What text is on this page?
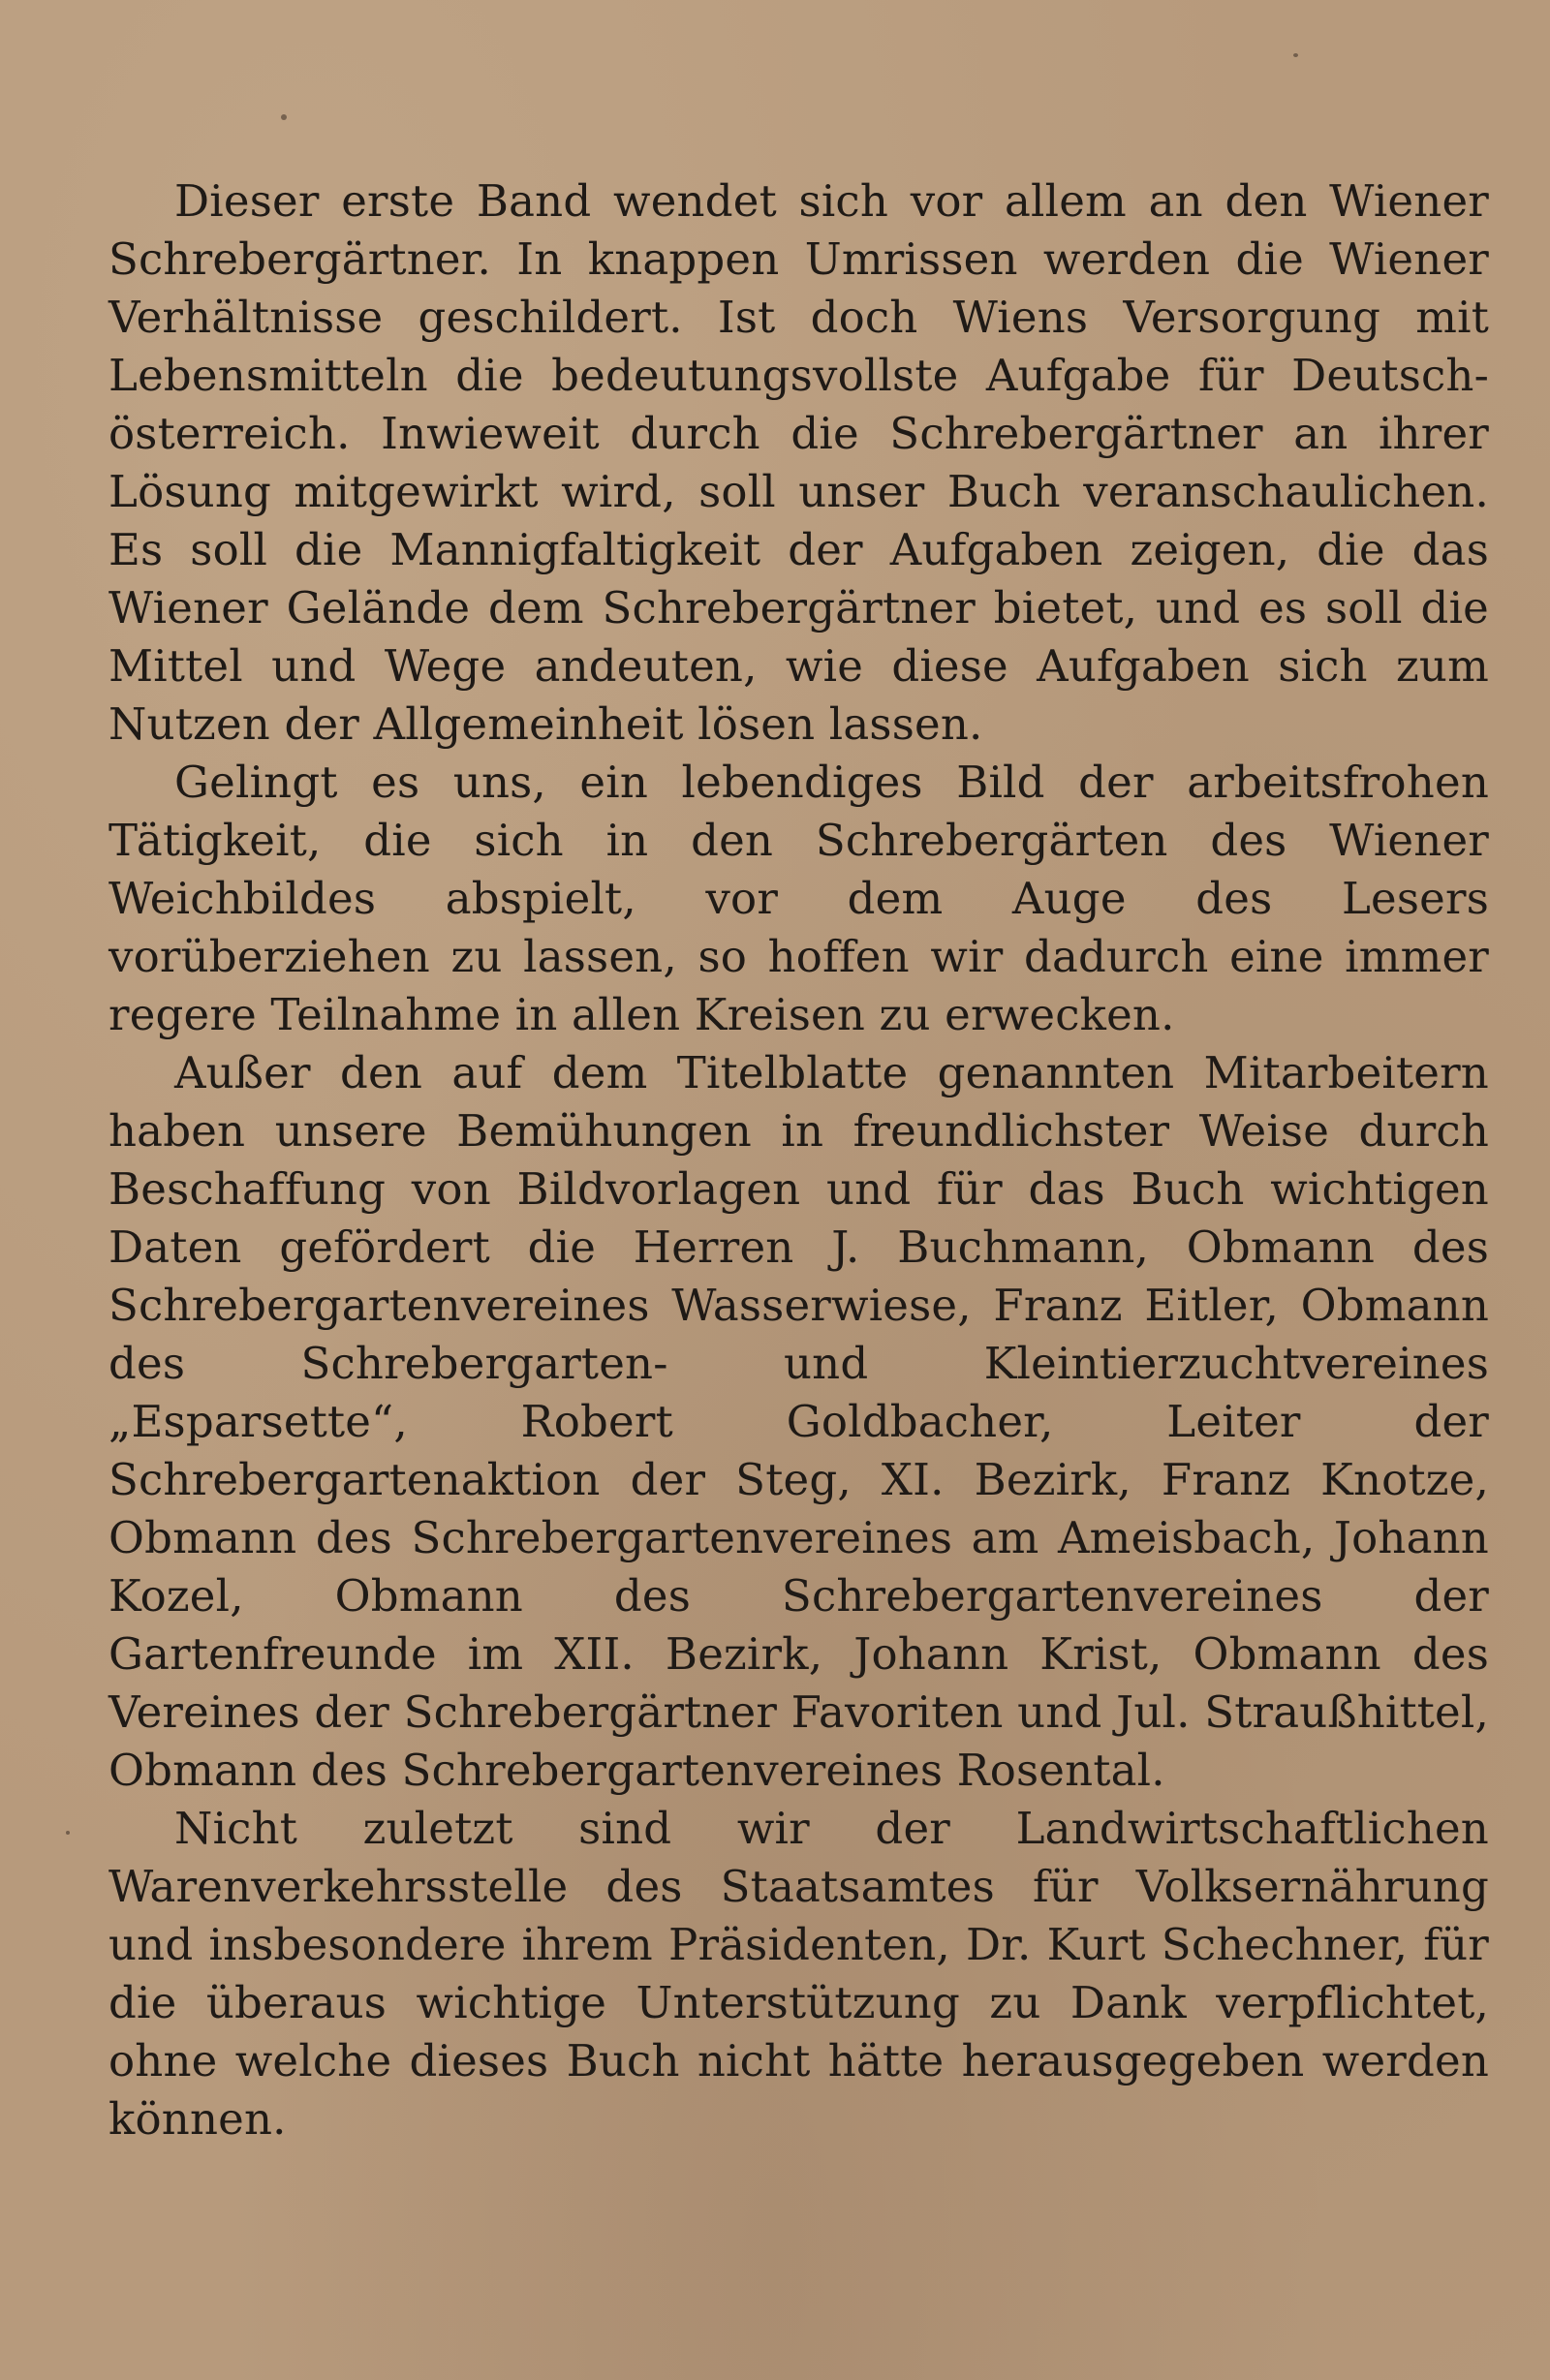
Dieser erste Band wendet sich vor allem an den Wiener Schrebergärtner. In knappen Umrissen werden die Wiener Verhältnisse geschildert. Ist doch Wiens Versorgung mit Lebensmitteln die bedeutungsvollste Aufgabe für Deutsch-österreich. Inwieweit durch die Schrebergärtner an ihrer Lösung mitgewirkt wird, soll unser Buch veranschaulichen. Es soll die Mannigfaltigkeit der Aufgaben zeigen, die das Wiener Gelände dem Schrebergärtner bietet, und es soll die Mittel und Wege andeuten, wie diese Aufgaben sich zum Nutzen der Allgemeinheit lösen lassen.

Gelingt es uns, ein lebendiges Bild der arbeitsfrohen Tätigkeit, die sich in den Schrebergärten des Wiener Weichbildes abspielt, vor dem Auge des Lesers vorüberziehen zu lassen, so hoffen wir dadurch eine immer regere Teilnahme in allen Kreisen zu erwecken.

Außer den auf dem Titelblatte genannten Mitarbeitern haben unsere Bemühungen in freundlichster Weise durch Beschaffung von Bildvorlagen und für das Buch wichtigen Daten gefördert die Herren J. Buchmann, Obmann des Schrebergartenvereines Wasserwiese, Franz Eitler, Obmann des Schrebergarten- und Kleintierzuchtvereines „Esparsette“, Robert Goldbacher, Leiter der Schrebergartenaktion der Steg, XI. Bezirk, Franz Knotze, Obmann des Schrebergartenvereines am Ameisbach, Johann Kozel, Obmann des Schrebergartenvereines der Gartenfreunde im XII. Bezirk, Johann Krist, Obmann des Vereines der Schrebergärtner Favoriten und Jul. Straußhittel, Obmann des Schrebergartenvereines Rosental.

Nicht zuletzt sind wir der Landwirtschaftlichen Warenverkehrsstelle des Staatsamtes für Volksernährung und insbesondere ihrem Präsidenten, Dr. Kurt Schechner, für die überaus wichtige Unterstützung zu Dank verpflichtet, ohne welche dieses Buch nicht hätte herausgegeben werden können.
